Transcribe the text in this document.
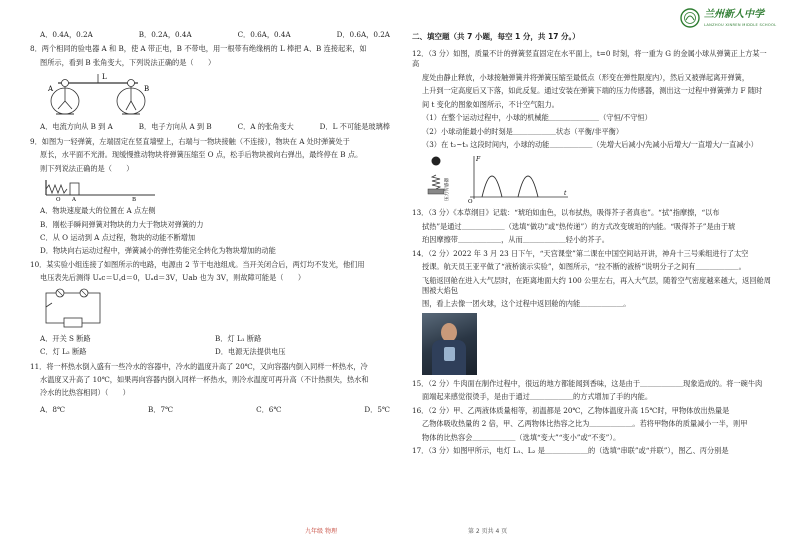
兰州新人中学
LANZHOU XINREN MIDDLE SCHOOL
A．0.4A，0.2A	B．0.2A，0.4A	C．0.6A，0.4A	D．0.6A，0.2A
8．两个相同的验电器 A 和 B，使 A 带正电，B 不带电，用一根带有绝缘柄的 L 棒把 A、B 连接起来，如
图所示，看到 B 张角变大，下列说法正确的是（　　）
A	B
L
A．电流方向从 B 到 A	B．电子方向从 A 到 B	C．A 的张角变大	D．L 不可能是玻璃棒
9．如图为一轻弹簧，左端固定在竖直墙壁上，右端与一物块接触（不连接），物块在 A 处时弹簧处于
原长，水平面不光滑。现缓慢推动物块将弹簧压缩至 O 点，松手后物块被向右弹出，最终停在 B 点。
则下列说法正确的是（　　）
O A	B
A．物块速度最大的位置在 A 点左侧
B．刚松手瞬间弹簧对物块的力大于物块对弹簧的力
C．从 O 运动到 A 点过程，物块的动能不断增加
D．物块向右运动过程中，弹簧减小的弹性势能完全转化为物块增加的动能
10．某实验小组连接了如图所示的电路，电源由 2 节干电池组成。当开关闭合后，两灯均不发光，他们用
电压表先后测得 Uₐc＝U꜀d＝0，Uₐd＝3V，Uab 也为 3V，则故障可能是（　　）
A．开关 S 断路	B．灯 L₁ 断路
C．灯 L₂ 断路	D．电源无法提供电压
11．将一杯热水倒入盛有一些冷水的容器中，冷水的温度升高了 20℃，又向容器内倒入同样一杯热水，冷
水温度又升高了 10℃，如果再向容器内倒入同样一杯热水，则冷水温度可再升高（不计热损失，热水和
冷水的比热容相同）（　　）
A．8℃	B．7℃	C．6℃	D．5℃
二、填空题（共 7 小题，每空 1 分，共 17 分。）
12．（3 分）如图，质量不计的弹簧竖直固定在水平面上，t=0 时刻，将一重为 G 的金属小球从弹簧正上方某一高
度处由静止释放，小球接触弹簧并将弹簧压缩至最低点（形变在弹性限度内），然后又被弹起离开弹簧，
上升到一定高度后又下落，如此反复。通过安装在弹簧下端的压力传感器，测出这一过程中弹簧弹力 F 随时
间 t 变化的图象如图所示，不计空气阻力。
（1）在整个运动过程中，小球的机械能＿＿＿＿＿＿＿（守恒/不守恒）
（2）小球动能最小的时刻是＿＿＿＿＿＿状态（平衡/非平衡）
（3）在 t₂~t₃ 这段时间内，小球的动能＿＿＿＿＿＿（先增大后减小/先减小后增大/一直增大/一直减小）
压力传感器
F
t
O
13．（3 分）《本草纲目》记载：“琥珀如血色，以布拭热，吸得芥子者真也”。“拭”指摩擦，“以布
拭热”是通过＿＿＿＿＿＿（选填“做功”或“热传递”）的方式改变琥珀的内能。“吸得芥子”是由于琥
珀因摩擦带＿＿＿＿＿＿，从而＿＿＿＿＿＿轻小的芥子。
14．（2 分）2022 年 3 月 23 日下午，“天宫课堂”第二课在中国空间站开讲，神舟十三号乘组进行了太空
授课。航天员王亚平做了“液桥演示实验”，如图所示，“拉不断的液桥”说明分子之间有＿＿＿＿＿＿。
飞船返回舱在进入大气层时，在距离地面大约 100 公里左右，再入大气层，随着空气密度越来越大，返回舱周围被大焰包
围，看上去像一团火球，这个过程中返回舱的内能＿＿＿＿＿＿。
15．（2 分）牛肉面在制作过程中，很远的地方都能闻到香味，这是由于＿＿＿＿＿＿现象造成的。将一碗牛肉
面端起来感觉很烫手，是由于通过＿＿＿＿＿＿的方式增加了手的内能。
16．（2 分）甲、乙两液体质量相等，初温都是 20℃，乙物体温度升高 15℃时，甲物体放出热量是
乙物体吸收热量的 2 倍，甲、乙两物体比热容之比为＿＿＿＿＿＿。若将甲物体的质量减小一半，则甲
物体的比热容会＿＿＿＿＿＿（选填“变大”“变小”或“不变”）。
17．（3 分）如图甲所示，电灯 L₁、L₂ 是＿＿＿＿＿＿的（选填“串联”或“并联”），图乙、丙分别是
九年级 物理	第 2 页共 4 页
